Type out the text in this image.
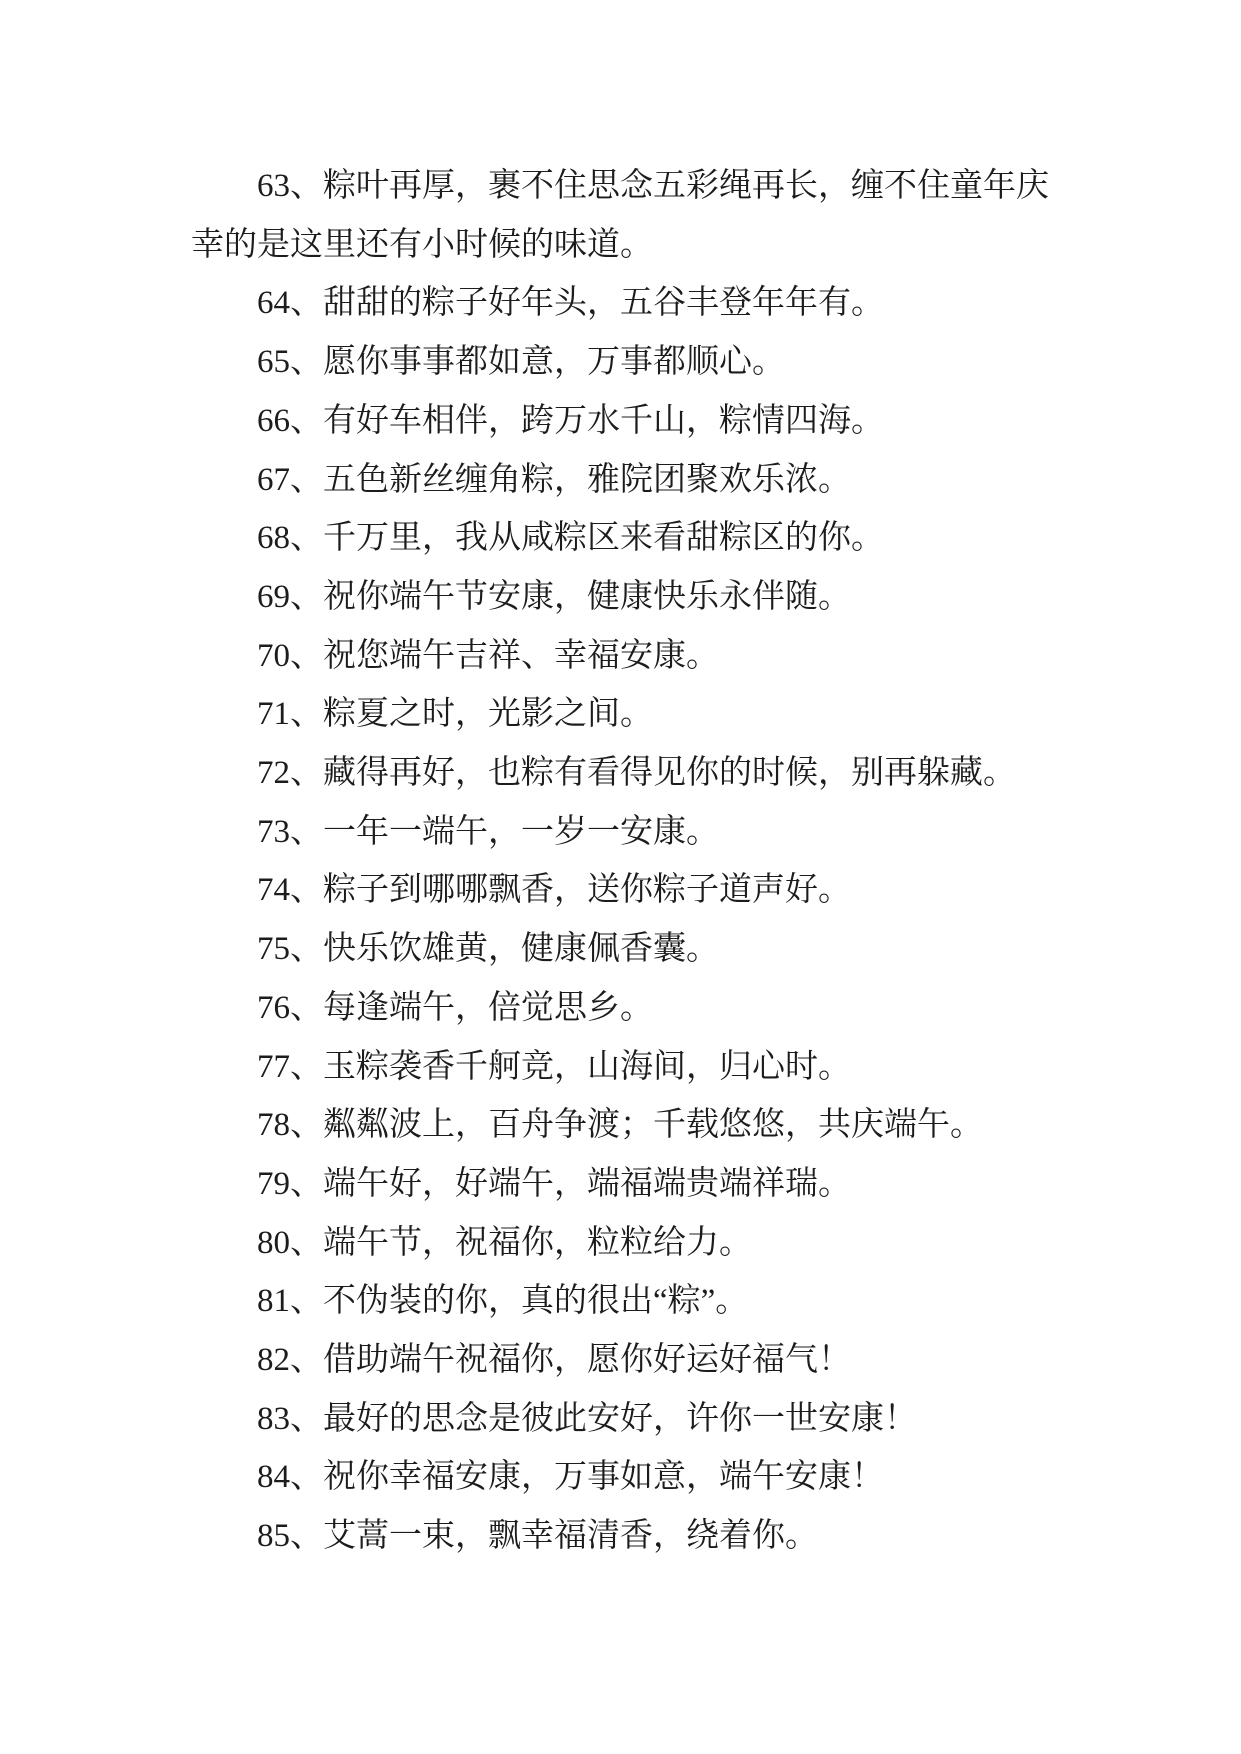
63、粽叶再厚，裹不住思念五彩绳再长，缠不住童年庆
幸的是这里还有小时候的味道。

64、甜甜的粽子好年头，五谷丰登年年有。

65、愿你事事都如意，万事都顺心。

66、有好车相伴，跨万水千山，粽情四海。

67、五色新丝缠角粽，雅院团聚欢乐浓。

68、千万里，我从咸粽区来看甜粽区的你。

69、祝你端午节安康，健康快乐永伴随。

70、祝您端午吉祥、幸福安康。

71、粽夏之时，光影之间。

72、藏得再好，也粽有看得见你的时候，别再躲藏。

73、一年一端午，一岁一安康。

74、粽子到哪哪飘香，送你粽子道声好。

75、快乐饮雄黄，健康佩香囊。

76、每逢端午，倍觉思乡。

77、玉粽袭香千舸竞，山海间，归心时。

78、粼粼波上，百舟争渡；千载悠悠，共庆端午。

79、端午好，好端午，端福端贵端祥瑞。

80、端午节，祝福你，粒粒给力。

81、不伪装的你，真的很出“粽”。

82、借助端午祝福你，愿你好运好福气！

83、最好的思念是彼此安好，许你一世安康！

84、祝你幸福安康，万事如意，端午安康！

85、艾蒿一束，飘幸福清香，绕着你。
